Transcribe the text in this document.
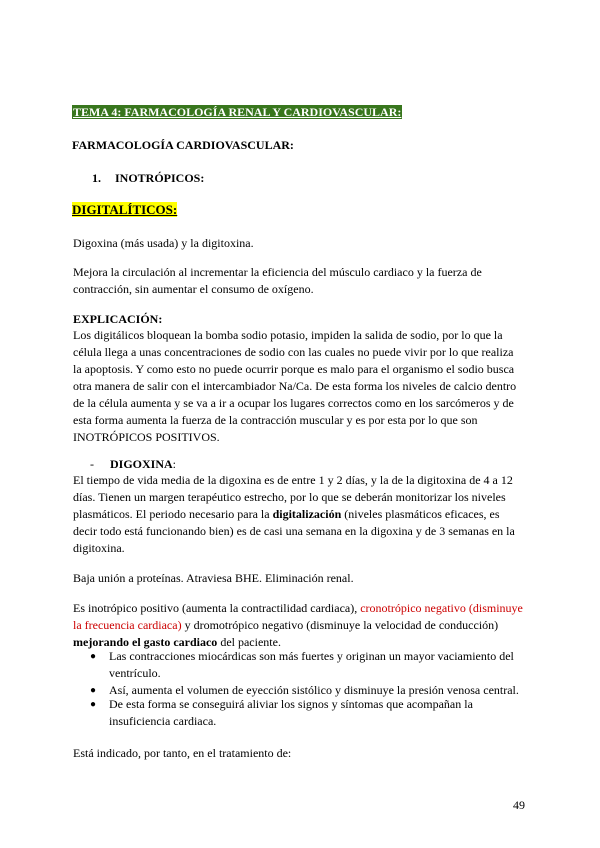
TEMA 4: FARMACOLOGÍA RENAL Y CARDIOVASCULAR:
FARMACOLOGÍA CARDIOVASCULAR:
1. INOTRÓPICOS:
DIGITALÍTICOS:
Digoxina (más usada) y la digitoxina.
Mejora la circulación al incrementar la eficiencia del músculo cardiaco y la fuerza de
contracción, sin aumentar el consumo de oxígeno.
EXPLICACIÓN:
Los digitálicos bloquean la bomba sodio potasio, impiden la salida de sodio, por lo que la
célula llega a unas concentraciones de sodio con las cuales no puede vivir por lo que realiza
la apoptosis. Y como esto no puede ocurrir porque es malo para el organismo el sodio busca
otra manera de salir con el intercambiador Na/Ca. De esta forma los niveles de calcio dentro
de la célula aumenta y se va a ir a ocupar los lugares correctos como en los sarcómeros y de
esta forma aumenta la fuerza de la contracción muscular y es por esta por lo que son
INOTRÓPICOS POSITIVOS.
- DIGOXINA:
El tiempo de vida media de la digoxina es de entre 1 y 2 días, y la de la digitoxina de 4 a 12
días. Tienen un margen terapéutico estrecho, por lo que se deberán monitorizar los niveles
plasmáticos. El periodo necesario para la digitalización (niveles plasmáticos eficaces, es
decir todo está funcionando bien) es de casi una semana en la digoxina y de 3 semanas en la
digitoxina.
Baja unión a proteínas. Atraviesa BHE. Eliminación renal.
Es inotrópico positivo (aumenta la contractilidad cardiaca), cronotrópico negativo (disminuye
la frecuencia cardiaca) y dromotrópico negativo (disminuye la velocidad de conducción)
mejorando el gasto cardiaco del paciente.
● Las contracciones miocárdicas son más fuertes y originan un mayor vaciamiento del
ventrículo.
● Así, aumenta el volumen de eyección sistólico y disminuye la presión venosa central.
● De esta forma se conseguirá aliviar los signos y síntomas que acompañan la
insuficiencia cardiaca.
Está indicado, por tanto, en el tratamiento de:
49
